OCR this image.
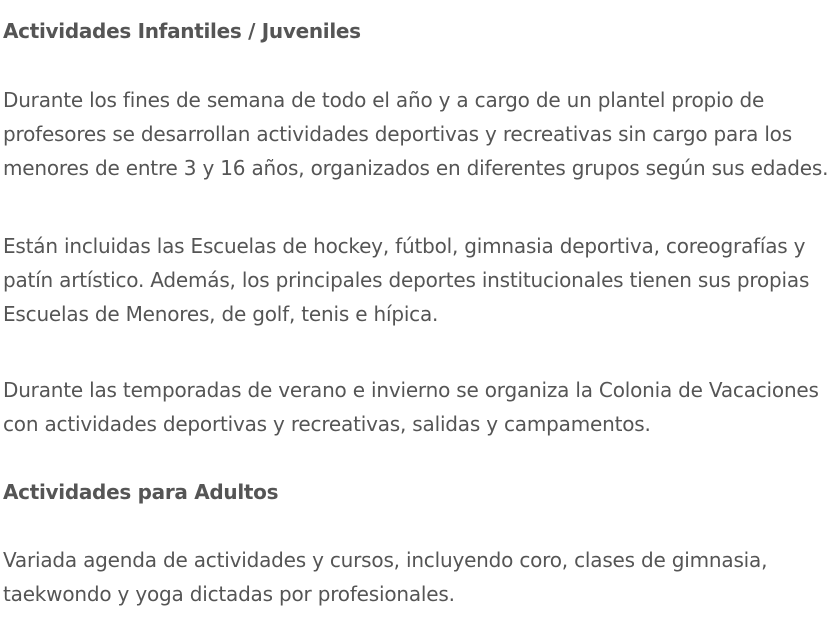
Actividades Infantiles / Juveniles

Durante los fines de semana de todo el año y a cargo de un plantel propio de
profesores se desarrollan actividades deportivas y recreativas sin cargo para los
menores de entre 3 y 16 años, organizados en diferentes grupos según sus edades.

Están incluidas las Escuelas de hockey, fútbol, gimnasia deportiva, coreografías y
patín artístico. Además, los principales deportes institucionales tienen sus propias
Escuelas de Menores, de golf, tenis e hípica.

Durante las temporadas de verano e invierno se organiza la Colonia de Vacaciones
con actividades deportivas y recreativas, salidas y campamentos.

Actividades para Adultos

Variada agenda de actividades y cursos, incluyendo coro, clases de gimnasia,
taekwondo y yoga dictadas por profesionales.
